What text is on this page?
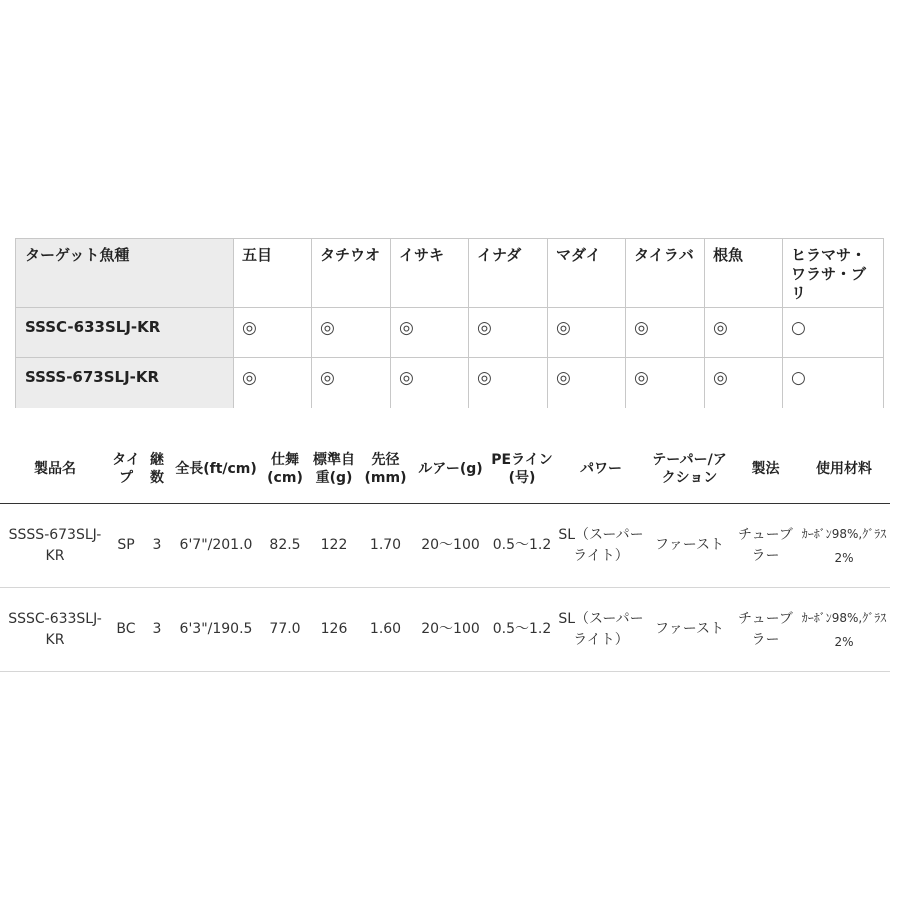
ターゲット魚種	五目	タチウオ	イサキ	イナダ	マダイ	タイラバ	根魚	ヒラマサ・ワラサ・ブリ
SSSC-633SLJ-KR	◎	◎	◎	◎	◎	◎	◎	○
SSSS-673SLJ-KR	◎	◎	◎	◎	◎	◎	◎	○
製品名	タイプ	継数	全長(ft/cm)	仕舞(cm)	標準自重(g)	先径(mm)	ルアー(g)	PEライン(号)	パワー	テーパー/アクション	製法	使用材料
SSSS-673SLJ-KR	SP	3	6'7"/201.0	82.5	122	1.70	20～100	0.5～1.2	SL（スーパーライト）	ファースト	チューブラー	ｶｰﾎﾞﾝ98%,ｸﾞﾗｽ2%
SSSC-633SLJ-KR	BC	3	6'3"/190.5	77.0	126	1.60	20～100	0.5～1.2	SL（スーパーライト）	ファースト	チューブラー	ｶｰﾎﾞﾝ98%,ｸﾞﾗｽ2%
